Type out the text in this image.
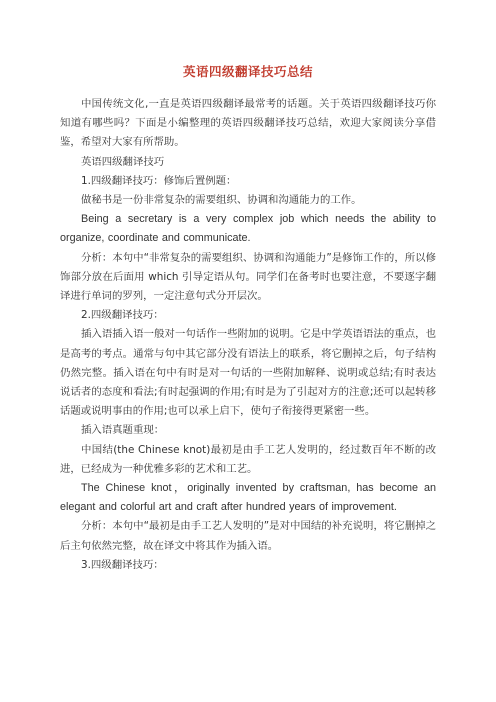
英语四级翻译技巧总结

中国传统文化,一直是英语四级翻译最常考的话题。关于英语四级翻译技巧你知道有哪些吗？下面是小编整理的英语四级翻译技巧总结，欢迎大家阅读分享借鉴，希望对大家有所帮助。

英语四级翻译技巧

1.四级翻译技巧：修饰后置例题：

做秘书是一份非常复杂的需要组织、协调和沟通能力的工作。

Being a secretary is a very complex job which needs the ability to organize, coordinate and communicate.

分析：本句中“非常复杂的需要组织、协调和沟通能力”是修饰工作的，所以修饰部分放在后面用 which 引导定语从句。同学们在备考时也要注意，不要逐字翻译进行单词的罗列，一定注意句式分开层次。

2.四级翻译技巧：

插入语插入语一般对一句话作一些附加的说明。它是中学英语语法的重点，也是高考的考点。通常与句中其它部分没有语法上的联系，将它删掉之后，句子结构仍然完整。插入语在句中有时是对一句话的一些附加解释、说明或总结;有时表达说话者的态度和看法;有时起强调的作用;有时是为了引起对方的注意;还可以起转移话题或说明事由的作用;也可以承上启下，使句子衔接得更紧密一些。

插入语真题重现：

中国结(the Chinese knot)最初是由手工艺人发明的，经过数百年不断的改进，已经成为一种优雅多彩的艺术和工艺。

The Chinese knot，originally invented by craftsman, has become an elegant and colorful art and craft after hundred years of improvement.

分析：本句中“最初是由手工艺人发明的”是对中国结的补充说明，将它删掉之后主句依然完整，故在译文中将其作为插入语。

3.四级翻译技巧：
